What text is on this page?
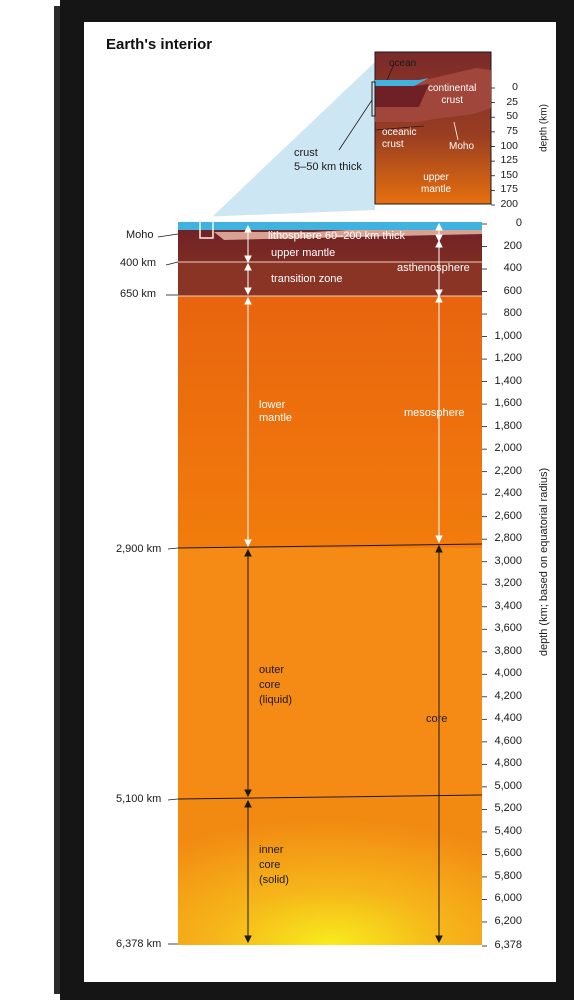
Earth's interior
Moho
400 km
650 km
2,900 km
5,100 km
6,378 km
lithosphere 60–200 km thick
upper mantle
asthenosphere
transition zone
lower
mantle	mesosphere
outer
core
(liquid)
core
inner
core
(solid)
ocean
continental
crust
oceanic
crust	Moho
upper
mantle
crust
5–50 km thick
0
25
50
75
100
125
150
175
200
depth (km)
0
200
400
600
800
1,000
1,200
1,400
1,600
1,800
2,000
2,200
2,400
2,600
2,800
3,000
3,200
3,400
3,600
3,800
4,000
4,200
4,400
4,600
4,800
5,000
5,200
5,400
5,600
5,800
6,000
6,200
6,378
depth (km; based on equatorial radius)
